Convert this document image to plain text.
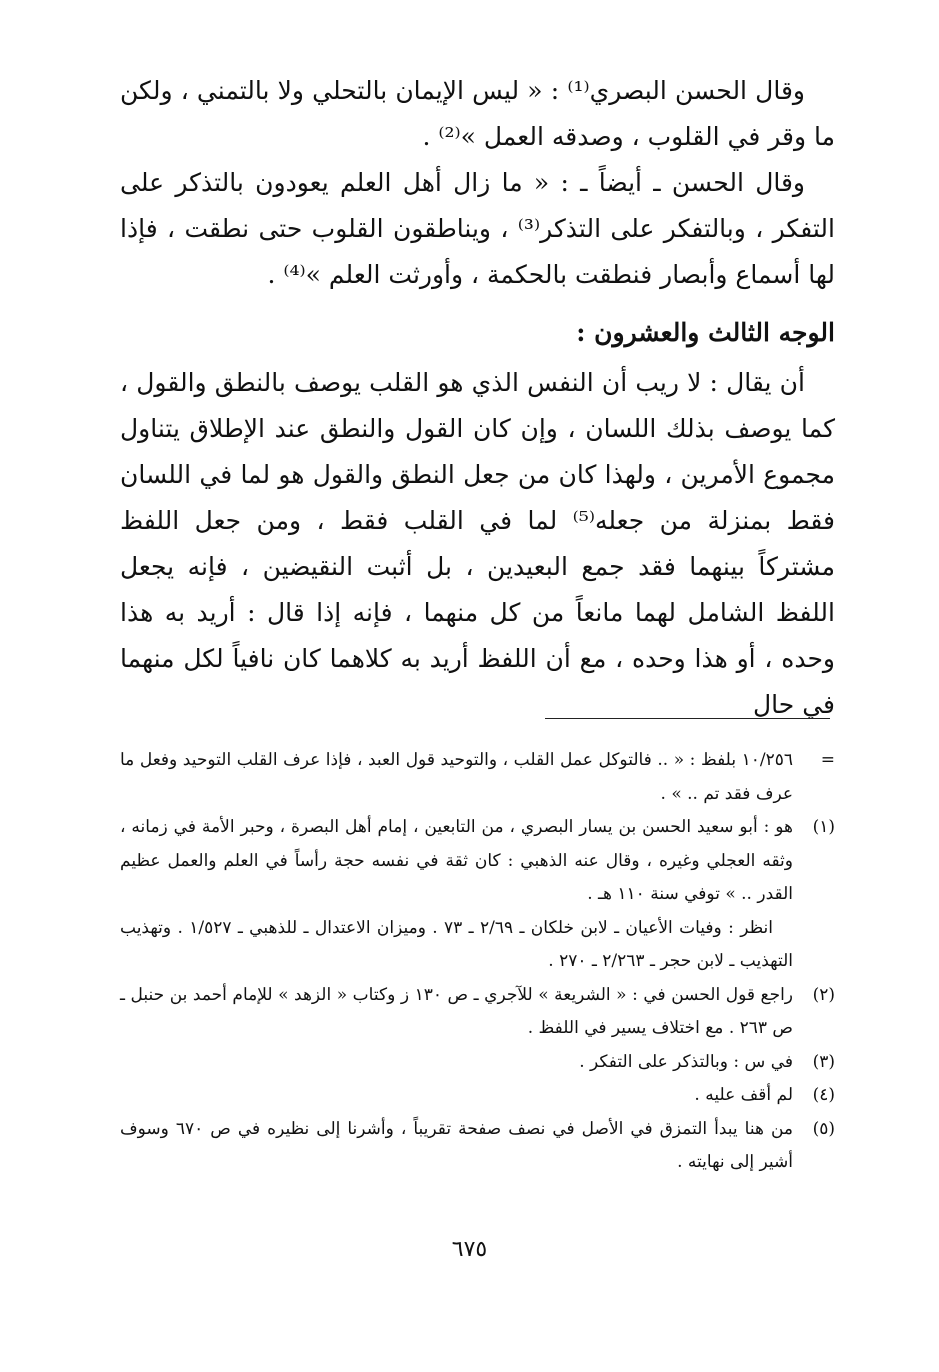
وقال الحسن البصري⁽¹⁾ : « ليس الإيمان بالتحلي ولا بالتمني ، ولكن ما وقر في القلوب ، وصدقه العمل »⁽²⁾ .

وقال الحسن ـ أيضاً ـ : « ما زال أهل العلم يعودون بالتذكر على التفكر ، وبالتفكر على التذكر⁽³⁾ ، ويناطقون القلوب حتى نطقت ، فإذا لها أسماع وأبصار فنطقت بالحكمة ، وأورثت العلم »⁽⁴⁾ .

الوجه الثالث والعشرون :

أن يقال : لا ريب أن النفس الذي هو القلب يوصف بالنطق والقول ، كما يوصف بذلك اللسان ، وإن كان القول والنطق عند الإطلاق يتناول مجموع الأمرين ، ولهذا كان من جعل النطق والقول هو لما في اللسان فقط بمنزلة من جعله⁽⁵⁾ لما في القلب فقط ، ومن جعل اللفظ مشتركاً بينهما فقد جمع البعيدين ، بل أثبت النقيضين ، فإنه يجعل اللفظ الشامل لهما مانعاً من كل منهما ، فإنه إذا قال : أريد به هذا وحده ، أو هذا وحده ، مع أن اللفظ أريد به كلاهما كان نافياً لكل منهما في حال

=
١٠/٢٥٦ بلفظ : « .. فالتوكل عمل القلب ، والتوحيد قول العبد ، فإذا عرف القلب التوحيد وفعل ما عرف فقد تم .. » .
(١)
هو : أبو سعيد الحسن بن يسار البصري ، من التابعين ، إمام أهل البصرة ، وحبر الأمة في زمانه ، وثقه العجلي وغيره ، وقال عنه الذهبي : كان ثقة في نفسه حجة رأساً في العلم والعمل عظيم القدر .. » توفي سنة ١١٠ هـ .
انظر : وفيات الأعيان ـ لابن خلكان ـ ٢/٦٩ ـ ٧٣ . وميزان الاعتدال ـ للذهبي ـ ١/٥٢٧ . وتهذيب التهذيب ـ لابن حجر ـ ٢/٢٦٣ ـ ٢٧٠ .
(٢)
راجع قول الحسن في : « الشريعة » للآجري ـ ص ١٣٠ ز وكتاب « الزهد » للإمام أحمد بن حنبل ـ ص ٢٦٣ . مع اختلاف يسير في اللفظ .
(٣)
في س : وبالتذكر على التفكر .
(٤)
لم أقف عليه .
(٥)
من هنا يبدأ التمزق في الأصل في نصف صفحة تقريباً ، وأشرنا إلى نظيره في ص ٦٧٠ وسوف أشير إلى نهايته .
٦٧٥
